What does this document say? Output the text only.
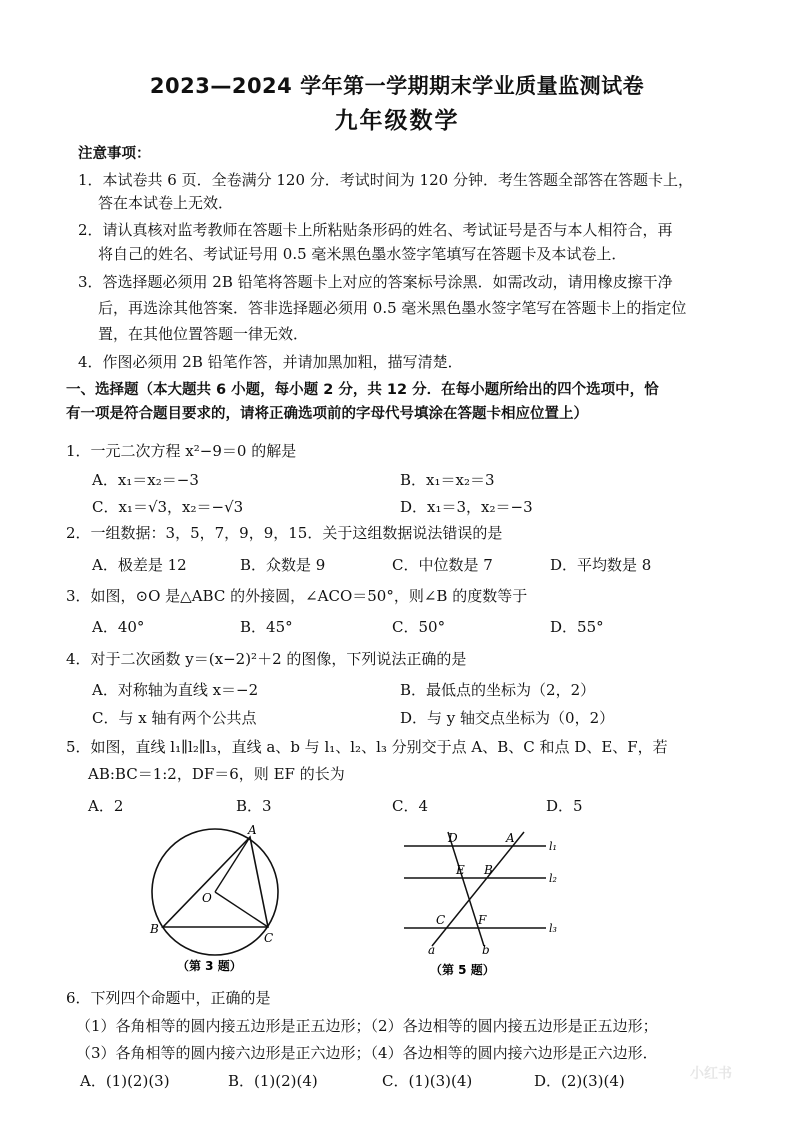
2023—2024 学年第一学期期末学业质量监测试卷
九年级数学
注意事项：
1．本试卷共 6 页．全卷满分 120 分．考试时间为 120 分钟．考生答题全部答在答题卡上，
答在本试卷上无效．
2．请认真核对监考教师在答题卡上所粘贴条形码的姓名、考试证号是否与本人相符合，再
将自己的姓名、考试证号用 0.5 毫米黑色墨水签字笔填写在答题卡及本试卷上．
3．答选择题必须用 2B 铅笔将答题卡上对应的答案标号涂黑．如需改动，请用橡皮擦干净
后，再选涂其他答案．答非选择题必须用 0.5 毫米黑色墨水签字笔写在答题卡上的指定位
置，在其他位置答题一律无效．
4．作图必须用 2B 铅笔作答，并请加黑加粗，描写清楚．
一、选择题（本大题共 6 小题，每小题 2 分，共 12 分．在每小题所给出的四个选项中，恰
有一项是符合题目要求的，请将正确选项前的字母代号填涂在答题卡相应位置上）
1．一元二次方程 x²−9＝0 的解是
A．x₁＝x₂＝−3	B．x₁＝x₂＝3
C．x₁＝√3，x₂＝−√3	D．x₁＝3，x₂＝−3
2．一组数据：3，5，7，9，9，15．关于这组数据说法错误的是
A．极差是 12	B．众数是 9	C．中位数是 7	D．平均数是 8
3．如图，⊙O 是△ABC 的外接圆，∠ACO＝50°，则∠B 的度数等于
A．40°	B．45°	C．50°	D．55°
4．对于二次函数 y＝(x−2)²＋2 的图像，下列说法正确的是
A．对称轴为直线 x＝−2	B．最低点的坐标为（2，2）
C．与 x 轴有两个公共点	D．与 y 轴交点坐标为（0，2）
5．如图，直线 l₁∥l₂∥l₃，直线 a、b 与 l₁、l₂、l₃ 分别交于点 A、B、C 和点 D、E、F，若
AB:BC＝1:2，DF＝6，则 EF 的长为
A．2	B．3	C．4	D．5
A
B
C
O
（第 3 题）
D	A
l₁
E B
l₂
C	F
l₃
a	b
（第 5 题）
6．下列四个命题中，正确的是
（1）各角相等的圆内接五边形是正五边形；（2）各边相等的圆内接五边形是正五边形；
（3）各角相等的圆内接六边形是正六边形；（4）各边相等的圆内接六边形是正六边形．
A．(1)(2)(3)	B．(1)(2)(4)	C．(1)(3)(4)	D．(2)(3)(4)	小红书
